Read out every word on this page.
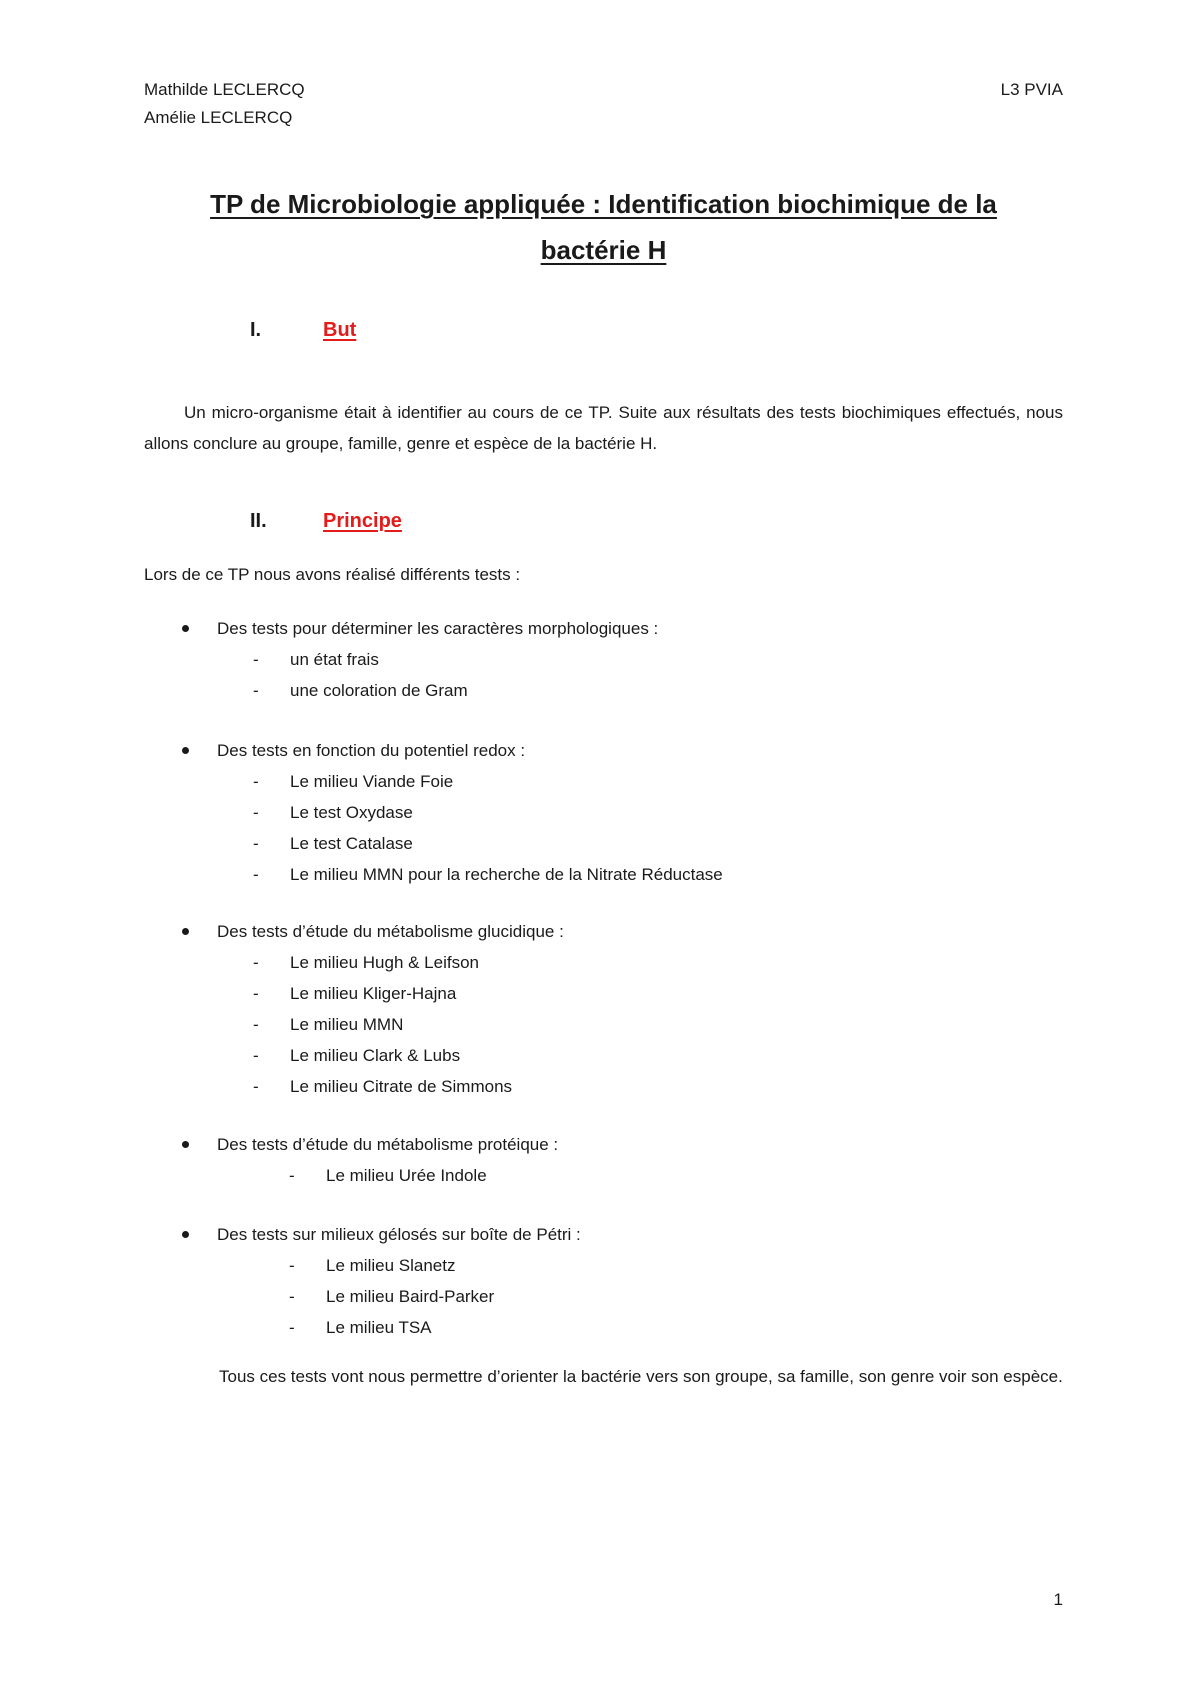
Mathilde LECLERCQ
Amélie LECLERCQ
L3 PVIA
TP de Microbiologie appliquée : Identification biochimique de la
bactérie H
I.	But
Un micro-organisme était à identifier au cours de ce TP. Suite aux résultats des tests biochimiques effectués, nous allons conclure au groupe, famille, genre et espèce de la bactérie H.
II.	Principe
Lors de ce TP nous avons réalisé différents tests :
Des tests pour déterminer les caractères morphologiques :
- un état frais
- une coloration de Gram
Des tests en fonction du potentiel redox :
- Le milieu Viande Foie
- Le test Oxydase
- Le test Catalase
- Le milieu MMN pour la recherche de la Nitrate Réductase
Des tests d’étude du métabolisme glucidique :
- Le milieu Hugh & Leifson
- Le milieu Kliger-Hajna
- Le milieu MMN
- Le milieu Clark & Lubs
- Le milieu Citrate de Simmons
Des tests d’étude du métabolisme protéique :
- Le milieu Urée Indole
Des tests sur milieux gélosés sur boîte de Pétri :
- Le milieu Slanetz
- Le milieu Baird-Parker
- Le milieu TSA
Tous ces tests vont nous permettre d’orienter la bactérie vers son groupe, sa famille, son genre voir son espèce.
1
